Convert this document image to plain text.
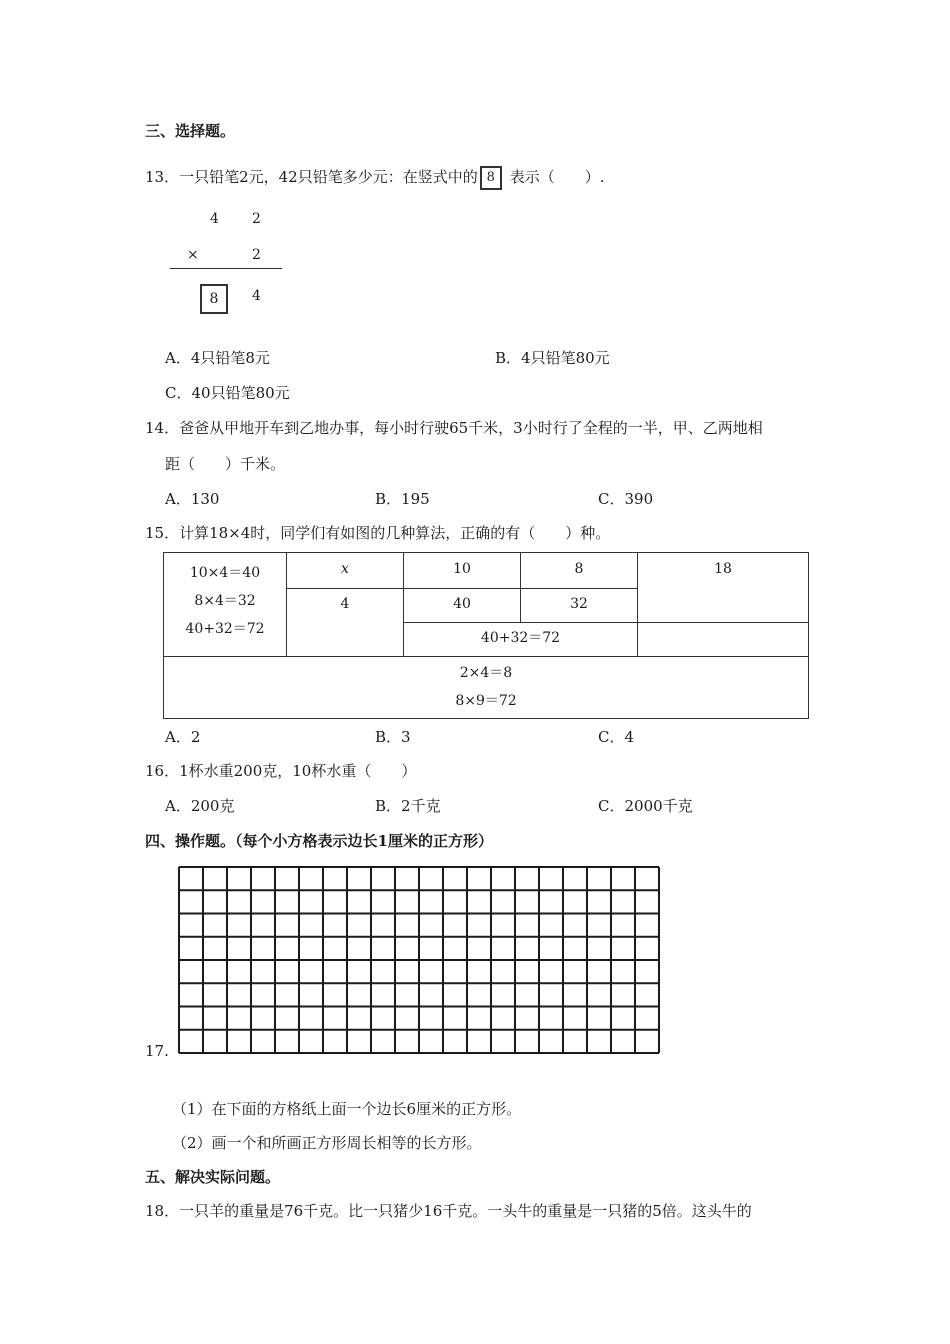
三、选择题。
13．一只铅笔2元，42只铅笔多少元：在竖式中的 8 表示（　　）.
4 2
×	2
8	4
A．4只铅笔8元	B．4只铅笔80元
C．40只铅笔80元
14．爸爸从甲地开车到乙地办事，每小时行驶65千米，3小时行了全程的一半，甲、乙两地相
距（　　）千米。
A．130	B．195	C．390
15．计算18×4时，同学们有如图的几种算法，正确的有（　　）种。
10×4＝40
8×4＝32
40+32＝72	x	10	8	18
	4	40	32	
		40+32＝72		

2×4＝8
8×9＝72				
A．2	B．3	C．4
16．1杯水重200克，10杯水重（　　）
A．200克	B．2千克	C．2000千克
四、操作题。（每个小方格表示边长1厘米的正方形）
17.
（1）在下面的方格纸上面一个边长6厘米的正方形。
（2）画一个和所画正方形周长相等的长方形。
五、解决实际问题。
18．一只羊的重量是76千克。比一只猪少16千克。一头牛的重量是一只猪的5倍。这头牛的
